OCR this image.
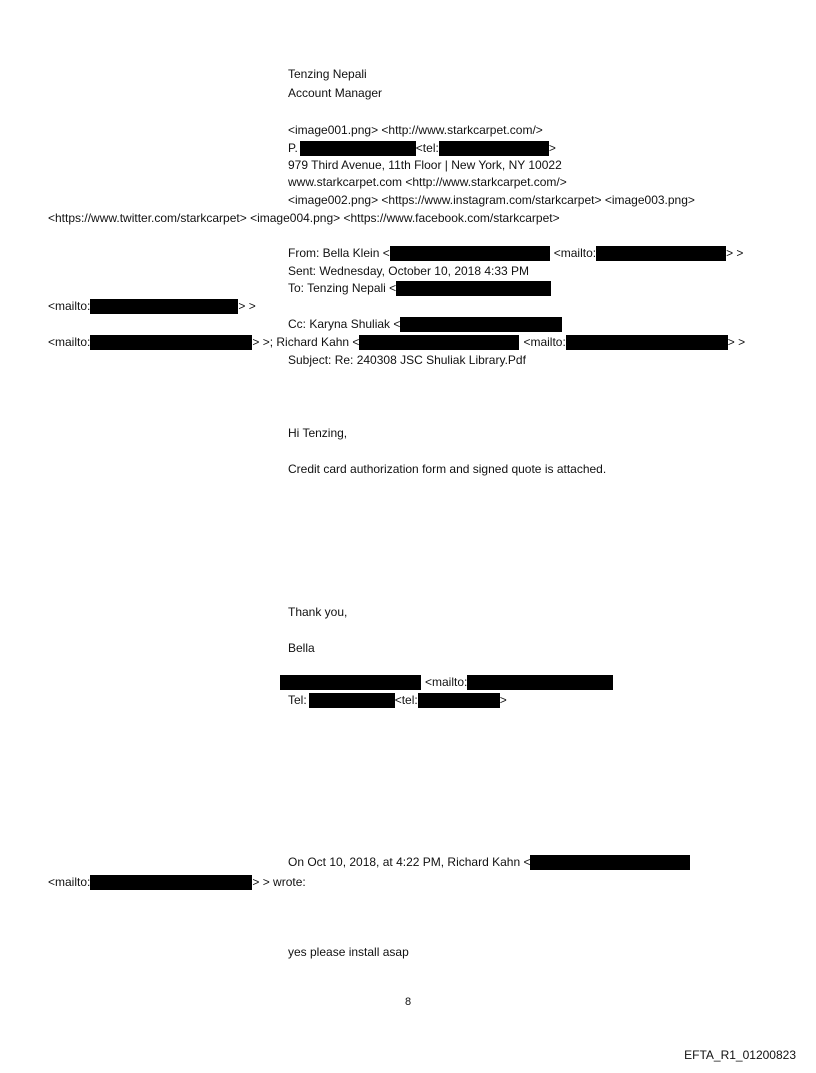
Tenzing Nepali
Account Manager
<image001.png> <http://www.starkcarpet.com/>
P.	<tel:	>
979 Third Avenue, 11th Floor | New York, NY 10022
www.starkcarpet.com <http://www.starkcarpet.com/>
<image002.png> <https://www.instagram.com/starkcarpet> <image003.png>
<https://www.twitter.com/starkcarpet> <image004.png> <https://www.facebook.com/starkcarpet>
From: Bella Klein <	<mailto:	> >
Sent: Wednesday, October 10, 2018 4:33 PM
To: Tenzing Nepali <
<mailto:	> >
Cc: Karyna Shuliak <
<mailto:	> >; Richard Kahn <	<mailto:	> >
Subject: Re: 240308 JSC Shuliak Library.Pdf
Hi Tenzing,
Credit card authorization form and signed quote is attached.
Thank you,
Bella
<mailto:
Tel:	<tel:	>
On Oct 10, 2018, at 4:22 PM, Richard Kahn <
<mailto:	> > wrote:
yes please install asap
8
EFTA_R1_01200823
